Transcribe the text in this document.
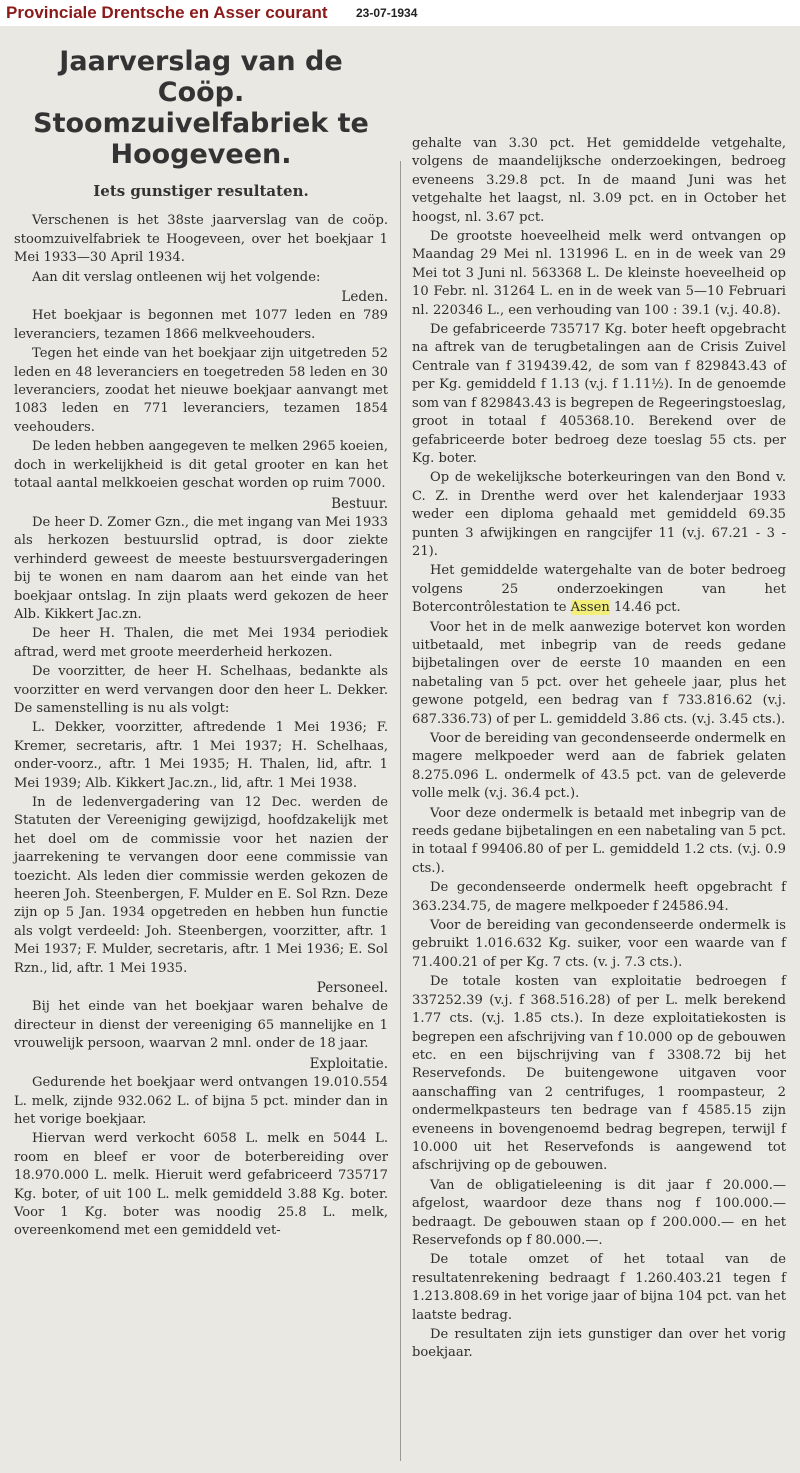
Provinciale Drentsche en Asser courant 23-07-1934
Jaarverslag van de Coöp.
Stoomzuivelfabriek te
Hoogeveen.
Iets gunstiger resultaten.

Verschenen is het 38ste jaarverslag van de coöp. stoomzuivelfabriek te Hoogeveen, over het boekjaar 1 Mei 1933—30 April 1934.

Aan dit verslag ontleenen wij het volgende:

Leden.

Het boekjaar is begonnen met 1077 leden en 789 leveranciers, tezamen 1866 melkveehouders.

Tegen het einde van het boekjaar zijn uitgetreden 52 leden en 48 leveranciers en toegetreden 58 leden en 30 leveranciers, zoodat het nieuwe boekjaar aanvangt met 1083 leden en 771 leveranciers, tezamen 1854 veehouders.

De leden hebben aangegeven te melken 2965 koeien, doch in werkelijkheid is dit getal grooter en kan het totaal aantal melkkoeien geschat worden op ruim 7000.

Bestuur.

De heer D. Zomer Gzn., die met ingang van Mei 1933 als herkozen bestuurslid optrad, is door ziekte verhinderd geweest de meeste bestuursvergaderingen bij te wonen en nam daarom aan het einde van het boekjaar ontslag. In zijn plaats werd gekozen de heer Alb. Kikkert Jac.zn.

De heer H. Thalen, die met Mei 1934 periodiek aftrad, werd met groote meerderheid herkozen.

De voorzitter, de heer H. Schelhaas, bedankte als voorzitter en werd vervangen door den heer L. Dekker. De samenstelling is nu als volgt:

L. Dekker, voorzitter, aftredende 1 Mei 1936; F. Kremer, secretaris, aftr. 1 Mei 1937; H. Schelhaas, onder-voorz., aftr. 1 Mei 1935; H. Thalen, lid, aftr. 1 Mei 1939; Alb. Kikkert Jac.zn., lid, aftr. 1 Mei 1938.

In de ledenvergadering van 12 Dec. werden de Statuten der Vereeniging gewijzigd, hoofdzakelijk met het doel om de commissie voor het nazien der jaarrekening te vervangen door eene commissie van toezicht. Als leden dier commissie werden gekozen de heeren Joh. Steenbergen, F. Mulder en E. Sol Rzn. Deze zijn op 5 Jan. 1934 opgetreden en hebben hun functie als volgt verdeeld: Joh. Steenbergen, voorzitter, aftr. 1 Mei 1937; F. Mulder, secretaris, aftr. 1 Mei 1936; E. Sol Rzn., lid, aftr. 1 Mei 1935.

Personeel.

Bij het einde van het boekjaar waren behalve de directeur in dienst der vereeniging 65 mannelijke en 1 vrouwelijk persoon, waarvan 2 mnl. onder de 18 jaar.

Exploitatie.

Gedurende het boekjaar werd ontvangen 19.010.554 L. melk, zijnde 932.062 L. of bijna 5 pct. minder dan in het vorige boekjaar.

Hiervan werd verkocht 6058 L. melk en 5044 L. room en bleef er voor de boterbereiding over 18.970.000 L. melk. Hieruit werd gefabriceerd 735717 Kg. boter, of uit 100 L. melk gemiddeld 3.88 Kg. boter. Voor 1 Kg. boter was noodig 25.8 L. melk, overeenkomend met een gemiddeld vet-

gehalte van 3.30 pct. Het gemiddelde vetgehalte, volgens de maandelijksche onderzoekingen, bedroeg eveneens 3.29.8 pct. In de maand Juni was het vetgehalte het laagst, nl. 3.09 pct. en in October het hoogst, nl. 3.67 pct.

De grootste hoeveelheid melk werd ontvangen op Maandag 29 Mei nl. 131996 L. en in de week van 29 Mei tot 3 Juni nl. 563368 L. De kleinste hoeveelheid op 10 Febr. nl. 31264 L. en in de week van 5—10 Februari nl. 220346 L., een verhouding van 100 : 39.1 (v.j. 40.8).

De gefabriceerde 735717 Kg. boter heeft opgebracht na aftrek van de terugbetalingen aan de Crisis Zuivel Centrale van f 319439.42, de som van f 829843.43 of per Kg. gemiddeld f 1.13 (v.j. f 1.11½). In de genoemde som van f 829843.43 is begrepen de Regeeringstoeslag, groot in totaal f 405368.10. Berekend over de gefabriceerde boter bedroeg deze toeslag 55 cts. per Kg. boter.

Op de wekelijksche boterkeuringen van den Bond v. C. Z. in Drenthe werd over het kalenderjaar 1933 weder een diploma gehaald met gemiddeld 69.35 punten 3 afwijkingen en rangcijfer 11 (v.j. 67.21 - 3 - 21).

Het gemiddelde watergehalte van de boter bedroeg volgens 25 onderzoekingen van het Botercontrôlestation te Assen 14.46 pct.

Voor het in de melk aanwezige botervet kon worden uitbetaald, met inbegrip van de reeds gedane bijbetalingen over de eerste 10 maanden en een nabetaling van 5 pct. over het geheele jaar, plus het gewone potgeld, een bedrag van f 733.816.62 (v.j. 687.336.73) of per L. gemiddeld 3.86 cts. (v.j. 3.45 cts.).

Voor de bereiding van gecondenseerde ondermelk en magere melkpoeder werd aan de fabriek gelaten 8.275.096 L. ondermelk of 43.5 pct. van de geleverde volle melk (v.j. 36.4 pct.).

Voor deze ondermelk is betaald met inbegrip van de reeds gedane bijbetalingen en een nabetaling van 5 pct. in totaal f 99406.80 of per L. gemiddeld 1.2 cts. (v.j. 0.9 cts.).

De gecondenseerde ondermelk heeft opgebracht f 363.234.75, de magere melkpoeder f 24586.94.

Voor de bereiding van gecondenseerde ondermelk is gebruikt 1.016.632 Kg. suiker, voor een waarde van f 71.400.21 of per Kg. 7 cts. (v. j. 7.3 cts.).

De totale kosten van exploitatie bedroegen f 337252.39 (v.j. f 368.516.28) of per L. melk berekend 1.77 cts. (v.j. 1.85 cts.). In deze exploitatiekosten is begrepen een afschrijving van f 10.000 op de gebouwen etc. en een bijschrijving van f 3308.72 bij het Reservefonds. De buitengewone uitgaven voor aanschaffing van 2 centrifuges, 1 roompasteur, 2 ondermelkpasteurs ten bedrage van f 4585.15 zijn eveneens in bovengenoemd bedrag begrepen, terwijl f 10.000 uit het Reservefonds is aangewend tot afschrijving op de gebouwen.

Van de obligatieleening is dit jaar f 20.000.— afgelost, waardoor deze thans nog f 100.000.— bedraagt. De gebouwen staan op f 200.000.— en het Reservefonds op f 80.000.—.

De totale omzet of het totaal van de resultatenrekening bedraagt f 1.260.403.21 tegen f 1.213.808.69 in het vorige jaar of bijna 104 pct. van het laatste bedrag.

De resultaten zijn iets gunstiger dan over het vorig boekjaar.
